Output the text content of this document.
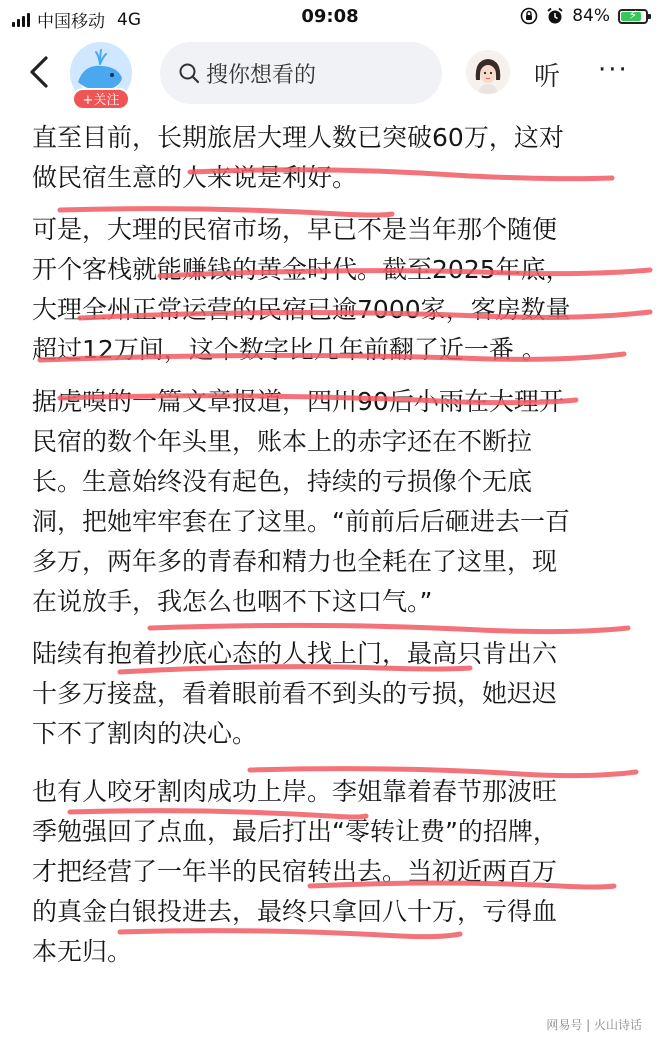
中国移动 4G	09:08	84%	⚡
+关注
搜你想看的	听 ···

直至目前，长期旅居大理人数已突破60万，这对
做民宿生意的人来说是利好。

可是，大理的民宿市场，早已不是当年那个随便
开个客栈就能赚钱的黄金时代。截至2025年底，
大理全州正常运营的民宿已逾7000家，客房数量
超过12万间，这个数字比几年前翻了近一番 。

据虎嗅的一篇文章报道，四川90后小雨在大理开
民宿的数个年头里，账本上的赤字还在不断拉
长。生意始终没有起色，持续的亏损像个无底
洞，把她牢牢套在了这里。“前前后后砸进去一百
多万，两年多的青春和精力也全耗在了这里，现
在说放手，我怎么也咽不下这口气。”

陆续有抱着抄底心态的人找上门，最高只肯出六
十多万接盘，看着眼前看不到头的亏损，她迟迟
下不了割肉的决心。

也有人咬牙割肉成功上岸。李姐靠着春节那波旺
季勉强回了点血，最后打出“零转让费”的招牌，
才把经营了一年半的民宿转出去。当初近两百万
的真金白银投进去，最终只拿回八十万，亏得血
本无归。

网易号 | 火山诗话
